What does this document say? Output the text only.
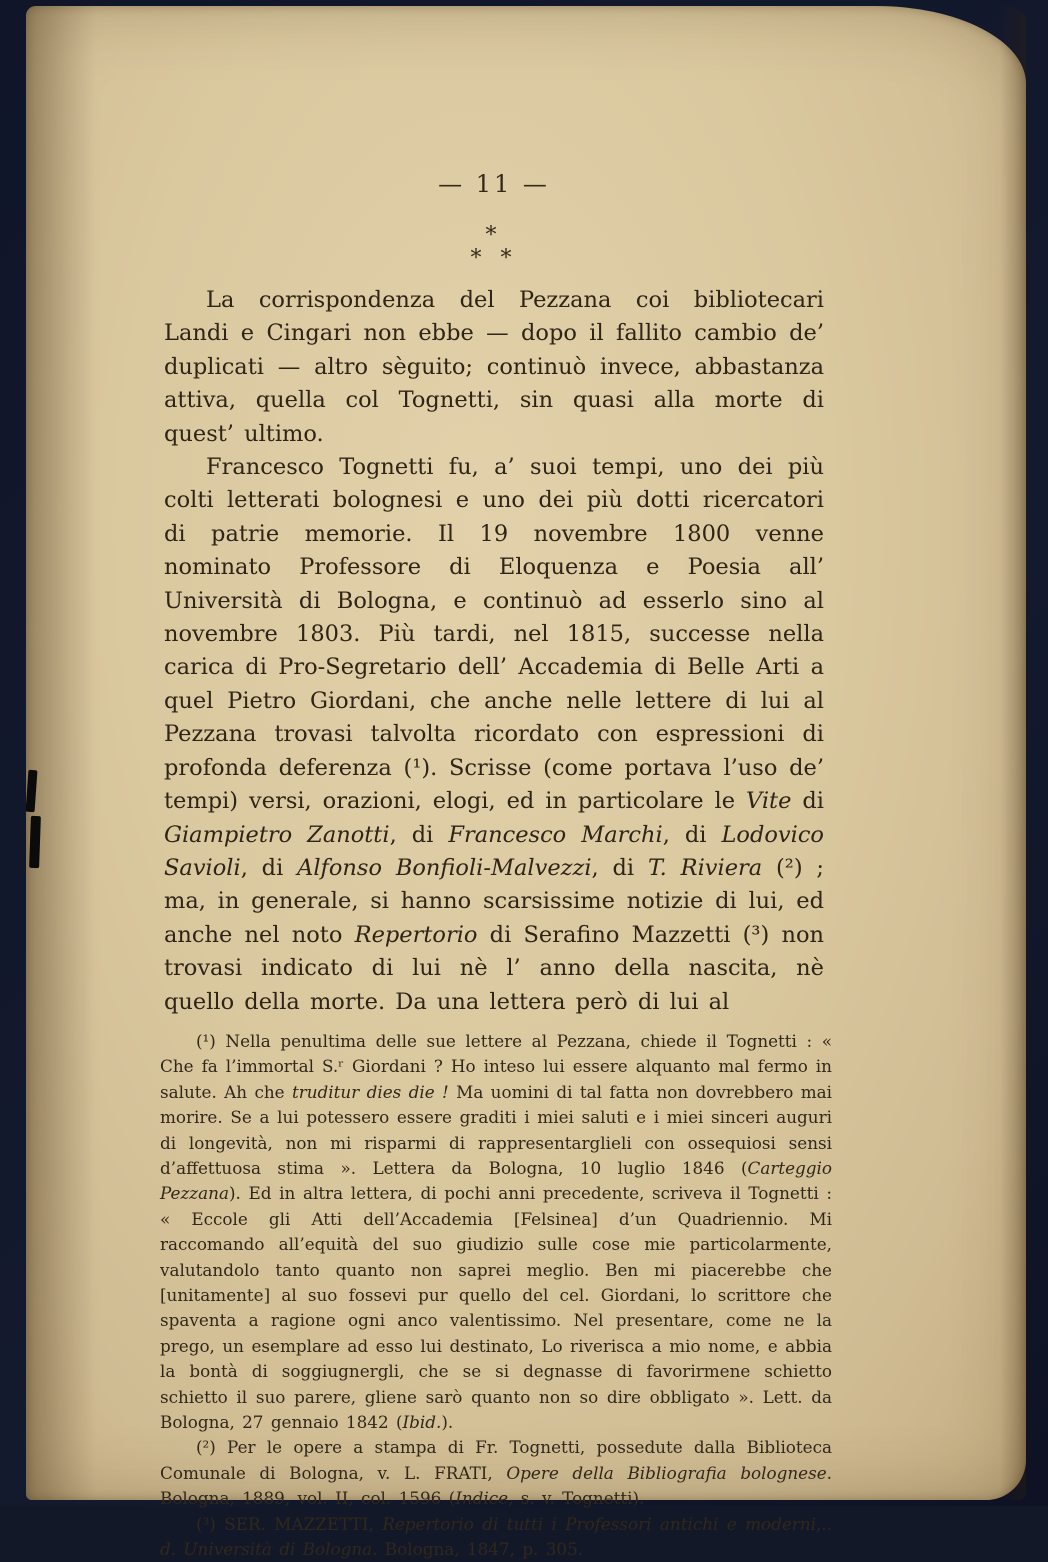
— 11 —
*
* *

La corrispondenza del Pezzana coi bibliotecari Landi e Cingari non ebbe — dopo il fallito cambio de’ duplicati — altro sèguito; continuò invece, abbastanza attiva, quella col Tognetti, sin quasi alla morte di quest’ ultimo.

Francesco Tognetti fu, a’ suoi tempi, uno dei più colti letterati bolognesi e uno dei più dotti ricercatori di patrie memorie. Il 19 novembre 1800 venne nominato Professore di Eloquenza e Poesia all’ Università di Bologna, e continuò ad esserlo sino al novembre 1803. Più tardi, nel 1815, successe nella carica di Pro-Segretario dell’ Accademia di Belle Arti a quel Pietro Giordani, che anche nelle lettere di lui al Pezzana trovasi talvolta ricordato con espressioni di profonda deferenza (¹). Scrisse (come portava l’uso de’ tempi) versi, orazioni, elogi, ed in particolare le Vite di Giampietro Zanotti, di Francesco Marchi, di Lodovico Savioli, di Alfonso Bonfioli-Malvezzi, di T. Riviera (²) ; ma, in generale, si hanno scarsissime notizie di lui, ed anche nel noto Repertorio di Serafino Mazzetti (³) non trovasi indicato di lui nè l’ anno della nascita, nè quello della morte. Da una lettera però di lui al

(¹) Nella penultima delle sue lettere al Pezzana, chiede il Tognetti : « Che fa l’immortal S.ʳ Giordani ? Ho inteso lui essere alquanto mal fermo in salute. Ah che truditur dies die ! Ma uomini di tal fatta non dovrebbero mai morire. Se a lui potessero essere graditi i miei saluti e i miei sinceri auguri di longevità, non mi risparmi di rappresentarglieli con ossequiosi sensi d’affettuosa stima ». Lettera da Bologna, 10 luglio 1846 (Carteggio Pezzana). Ed in altra lettera, di pochi anni precedente, scriveva il Tognetti : « Eccole gli Atti dell’Accademia [Felsinea] d’un Quadriennio. Mi raccomando all’equità del suo giudizio sulle cose mie particolarmente, valutandolo tanto quanto non saprei meglio. Ben mi piacerebbe che [unitamente] al suo fossevi pur quello del cel. Giordani, lo scrittore che spaventa a ragione ogni anco valentissimo. Nel presentare, come ne la prego, un esemplare ad esso lui destinato, Lo riverisca a mio nome, e abbia la bontà di soggiugnergli, che se si degnasse di favorirmene schietto schietto il suo parere, gliene sarò quanto non so dire obbligato ». Lett. da Bologna, 27 gennaio 1842 (Ibid.).

(²) Per le opere a stampa di Fr. Tognetti, possedute dalla Biblioteca Comunale di Bologna, v. L. FRATI, Opere della Bibliografia bolognese. Bologna, 1889, vol. II, col. 1596 (Indice, s. v. Tognetti).

(³) SER. MAZZETTI, Repertorio di tutti i Professori antichi e moderni,.. d. Università di Bologna. Bologna, 1847, p. 305.
